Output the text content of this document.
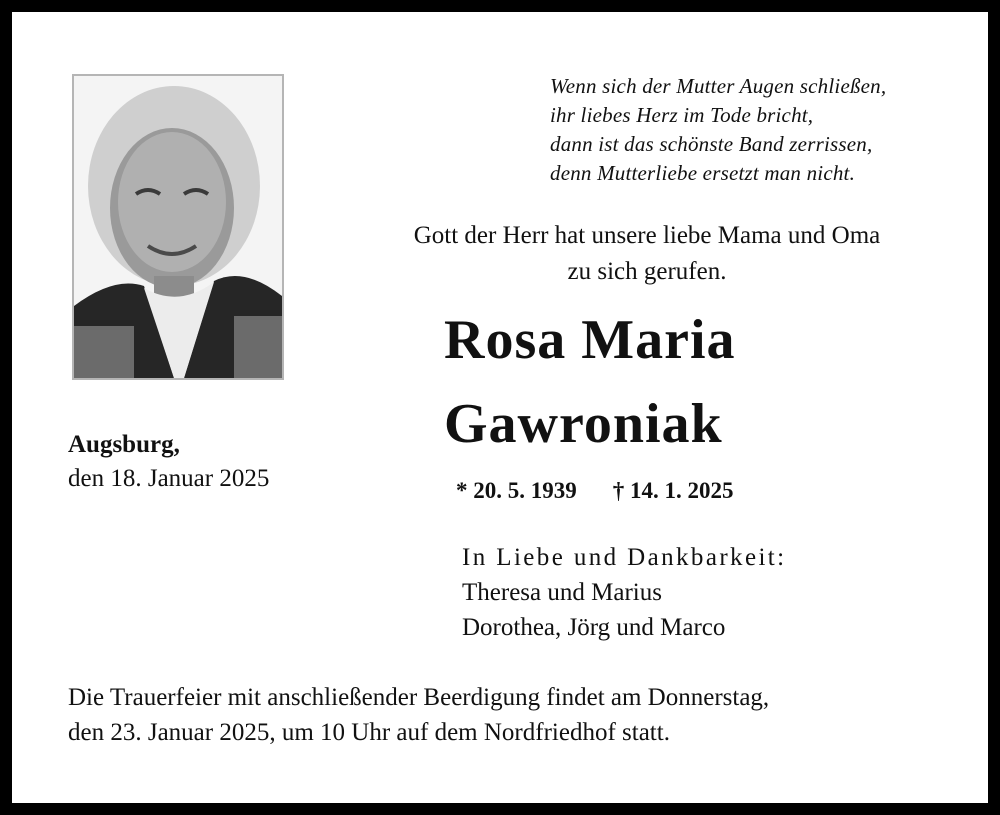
Wenn sich der Mutter Augen schließen,
ihr liebes Herz im Tode bricht,
dann ist das schönste Band zerrissen,
denn Mutterliebe ersetzt man nicht.
Gott der Herr hat unsere liebe Mama und Oma
zu sich gerufen.
Rosa Maria
Gawroniak
* 20. 5. 1939 † 14. 1. 2025
Augsburg,
den 18. Januar 2025
In Liebe und Dankbarkeit:
Theresa und Marius
Dorothea, Jörg und Marco
Die Trauerfeier mit anschließender Beerdigung findet am Donnerstag,
den 23. Januar 2025, um 10 Uhr auf dem Nordfriedhof statt.
